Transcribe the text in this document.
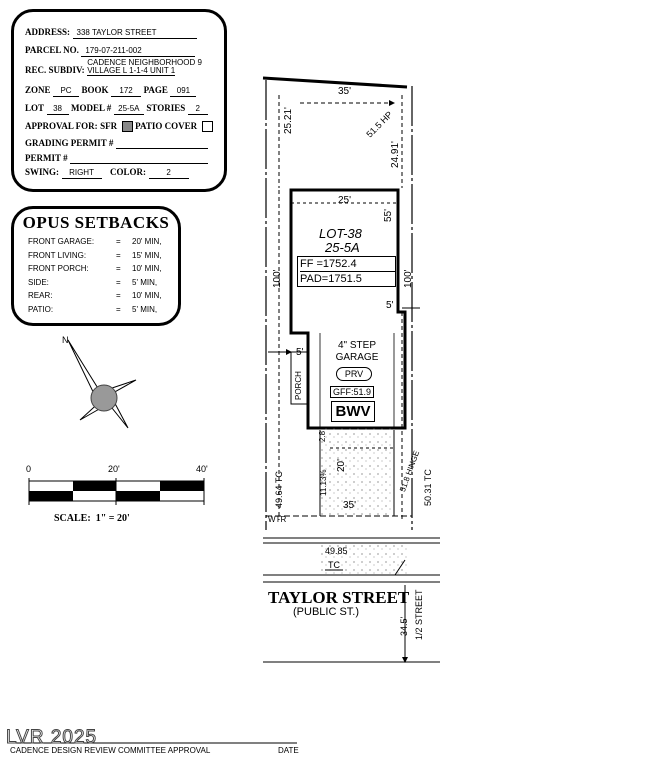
ADDRESS: 338 TAYLOR STREET
PARCEL NO. 179-07-211-002
REC. SUBDIV: CADENCE NEIGHBORHOOD 9
VILLAGE L 1-1-4 UNIT 1
ZONE PC BOOK 172 PAGE 091
LOT 38 MODEL # 25-5A STORIES 2
APPROVAL FOR: SFR PATIO COVER
GRADING PERMIT #
PERMIT #
SWING: RIGHT COLOR:	2
OPUS SETBACKS
FRONT GARAGE:	= 20' MIN,
FRONT LIVING:	= 15' MIN,
FRONT PORCH:	= 10' MIN,
SIDE:	= 5' MIN,
REAR:	= 10' MIN,
PATIO:	= 5' MIN,
N
51.5 HP
0	20'	40'
SCALE: 1" = 20'
35'
25.21'
24.91'
25'
55'
LOT-38
25-5A
FF =1752.4
PAD=1751.5
100'	100'
5'
5'
PORCH
4" STEP
GARAGE
PRV
GFF:51.9
BWV
20'
2.8
49.64 TC	50.31 TC
11.13%	51.8 HINGE
35'
WTR
49.85
TC
34.5' 1/2 STREET
TAYLOR STREET
(PUBLIC ST.)
LVR 2025
CADENCE DESIGN REVIEW COMMITTEE APPROVAL	DATE
